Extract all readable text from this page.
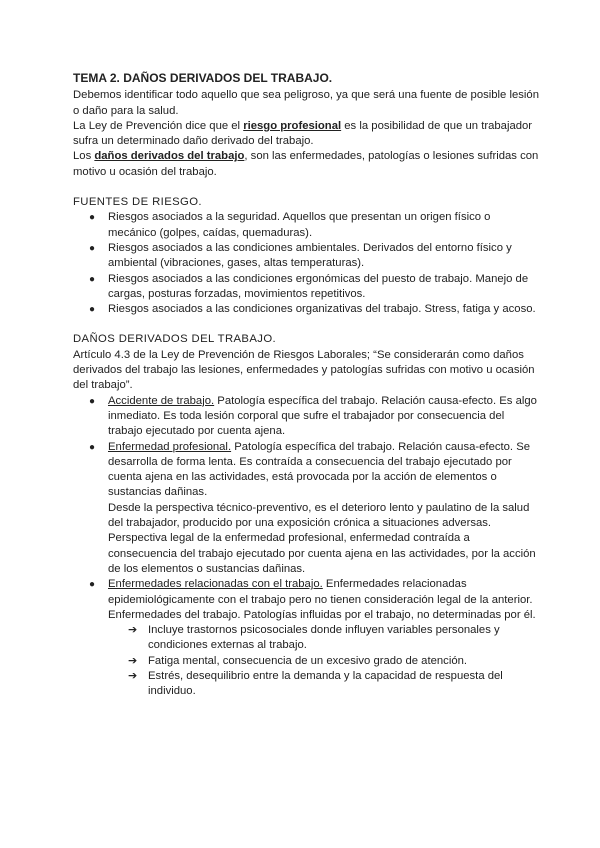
TEMA 2. DAÑOS DERIVADOS DEL TRABAJO.

Debemos identificar todo aquello que sea peligroso, ya que será una fuente de posible lesión o daño para la salud.

La Ley de Prevención dice que el riesgo profesional es la posibilidad de que un trabajador sufra un determinado daño derivado del trabajo.

Los daños derivados del trabajo, son las enfermedades, patologías o lesiones sufridas con motivo u ocasión del trabajo.

FUENTES DE RIESGO.

● Riesgos asociados a la seguridad. Aquellos que presentan un origen físico o mecánico (golpes, caídas, quemaduras).
● Riesgos asociados a las condiciones ambientales. Derivados del entorno físico y ambiental (vibraciones, gases, altas temperaturas).
● Riesgos asociados a las condiciones ergonómicas del puesto de trabajo. Manejo de cargas, posturas forzadas, movimientos repetitivos.
● Riesgos asociados a las condiciones organizativas del trabajo. Stress, fatiga y acoso.

DAÑOS DERIVADOS DEL TRABAJO.

Artículo 4.3 de la Ley de Prevención de Riesgos Laborales; “Se considerarán como daños derivados del trabajo las lesiones, enfermedades y patologías sufridas con motivo u ocasión del trabajo”.

● Accidente de trabajo. Patología específica del trabajo. Relación causa-efecto. Es algo inmediato. Es toda lesión corporal que sufre el trabajador por consecuencia del trabajo ejecutado por cuenta ajena.
● Enfermedad profesional. Patología específica del trabajo. Relación causa-efecto. Se desarrolla de forma lenta. Es contraída a consecuencia del trabajo ejecutado por cuenta ajena en las actividades, está provocada por la acción de elementos o sustancias dañinas.
Desde la perspectiva técnico-preventivo, es el deterioro lento y paulatino de la salud del trabajador, producido por una exposición crónica a situaciones adversas.
Perspectiva legal de la enfermedad profesional, enfermedad contraída a consecuencia del trabajo ejecutado por cuenta ajena en las actividades, por la acción de los elementos o sustancias dañinas.
● Enfermedades relacionadas con el trabajo. Enfermedades relacionadas epidemiológicamente con el trabajo pero no tienen consideración legal de la anterior. Enfermedades del trabajo. Patologías influidas por el trabajo, no determinadas por él.
➔ Incluye trastornos psicosociales donde influyen variables personales y condiciones externas al trabajo.
➔ Fatiga mental, consecuencia de un excesivo grado de atención.
➔ Estrés, desequilibrio entre la demanda y la capacidad de respuesta del individuo.
